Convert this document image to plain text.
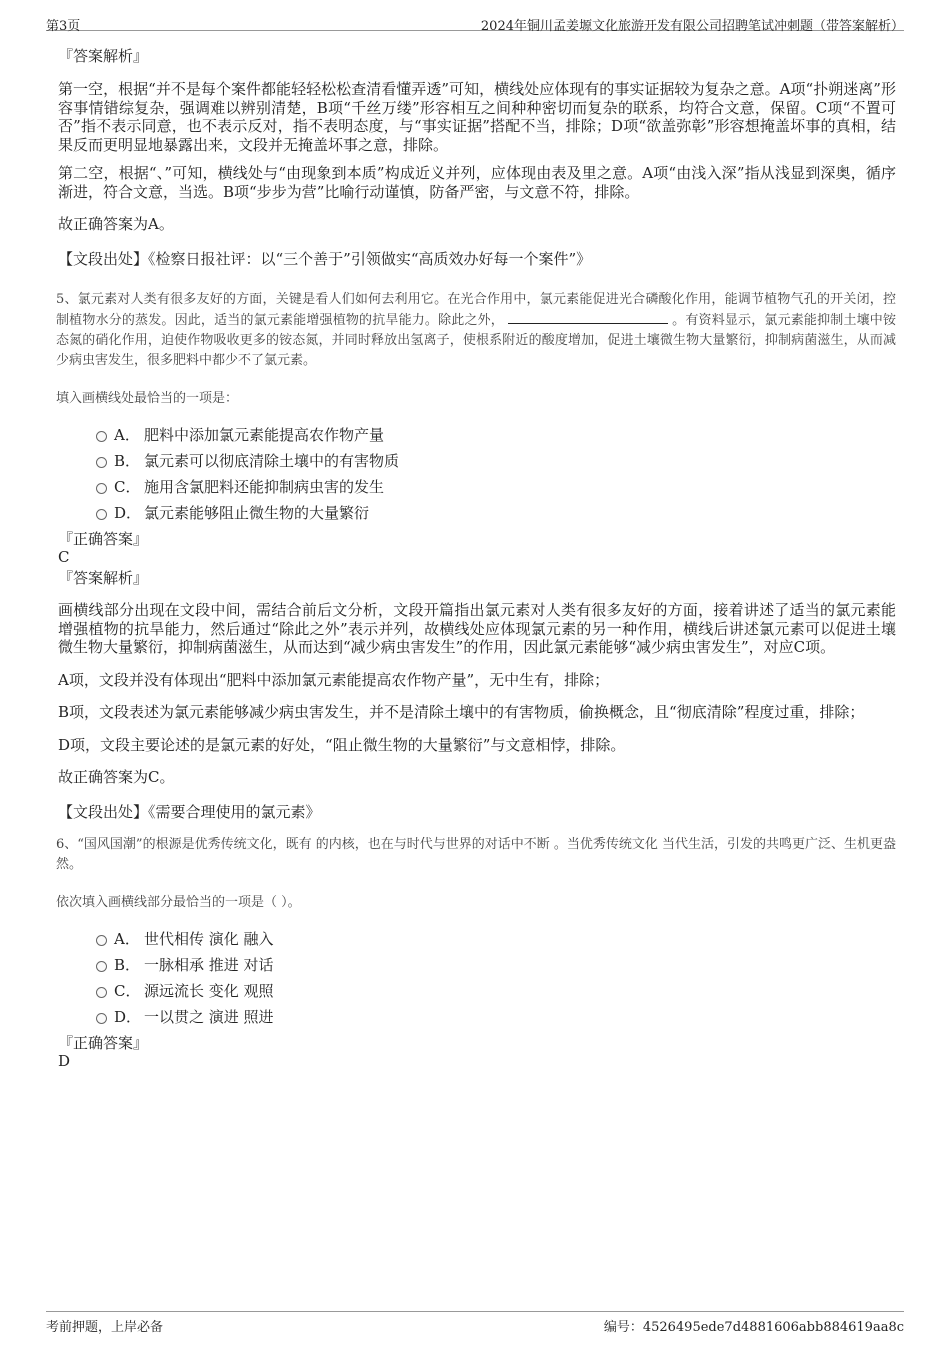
第3页	2024年铜川孟姜塬文化旅游开发有限公司招聘笔试冲刺题（带答案解析）

『答案解析』

第一空，根据“并不是每个案件都能轻轻松松查清看懂弄透”可知，横线处应体现有的事实证据较为复杂之意。A项“扑朔迷离”形容事情错综复杂，强调难以辨别清楚，B项“千丝万缕”形容相互之间种种密切而复杂的联系，均符合文意，保留。C项“不置可否”指不表示同意，也不表示反对，指不表明态度，与“事实证据”搭配不当，排除；D项“欲盖弥彰”形容想掩盖坏事的真相，结果反而更明显地暴露出来，文段并无掩盖坏事之意，排除。

第二空，根据“、”可知，横线处与“由现象到本质”构成近义并列，应体现由表及里之意。A项“由浅入深”指从浅显到深奥，循序渐进，符合文意，当选。B项“步步为营”比喻行动谨慎，防备严密，与文意不符，排除。

故正确答案为A。

【文段出处】《检察日报社评：以“三个善于”引领做实“高质效办好每一个案件”》

5、氯元素对人类有很多友好的方面，关键是看人们如何去利用它。在光合作用中，氯元素能促进光合磷酸化作用，能调节植物气孔的开关闭，控制植物水分的蒸发。因此，适当的氯元素能增强植物的抗旱能力。除此之外，	。有资料显示，氯元素能抑制土壤中铵态氮的硝化作用，迫使作物吸收更多的铵态氮，并同时释放出氢离子，使根系附近的酸度增加，促进土壤微生物大量繁衍，抑制病菌滋生，从而减少病虫害发生，很多肥料中都少不了氯元素。

填入画横线处最恰当的一项是：

A． 肥料中添加氯元素能提高农作物产量
B． 氯元素可以彻底清除土壤中的有害物质
C． 施用含氯肥料还能抑制病虫害的发生
D． 氯元素能够阻止微生物的大量繁衍

『正确答案』

C

『答案解析』

画横线部分出现在文段中间，需结合前后文分析，文段开篇指出氯元素对人类有很多友好的方面，接着讲述了适当的氯元素能增强植物的抗旱能力，然后通过“除此之外”表示并列，故横线处应体现氯元素的另一种作用，横线后讲述氯元素可以促进土壤微生物大量繁衍，抑制病菌滋生，从而达到“减少病虫害发生”的作用，因此氯元素能够“减少病虫害发生”，对应C项。

A项，文段并没有体现出“肥料中添加氯元素能提高农作物产量”，无中生有，排除；

B项，文段表述为氯元素能够减少病虫害发生，并不是清除土壤中的有害物质，偷换概念，且“彻底清除”程度过重，排除；

D项，文段主要论述的是氯元素的好处，“阻止微生物的大量繁衍”与文意相悖，排除。

故正确答案为C。

【文段出处】《需要合理使用的氯元素》

6、“国风国潮”的根源是优秀传统文化，既有 的内核，也在与时代与世界的对话中不断 。当优秀传统文化 当代生活，引发的共鸣更广泛、生机更盎然。

依次填入画横线部分最恰当的一项是（ ）。

A． 世代相传 演化 融入
B． 一脉相承 推进 对话
C． 源远流长 变化 观照
D． 一以贯之 演进 照进

『正确答案』

D

考前押题，上岸必备	编号：4526495ede7d4881606abb884619aa8c
